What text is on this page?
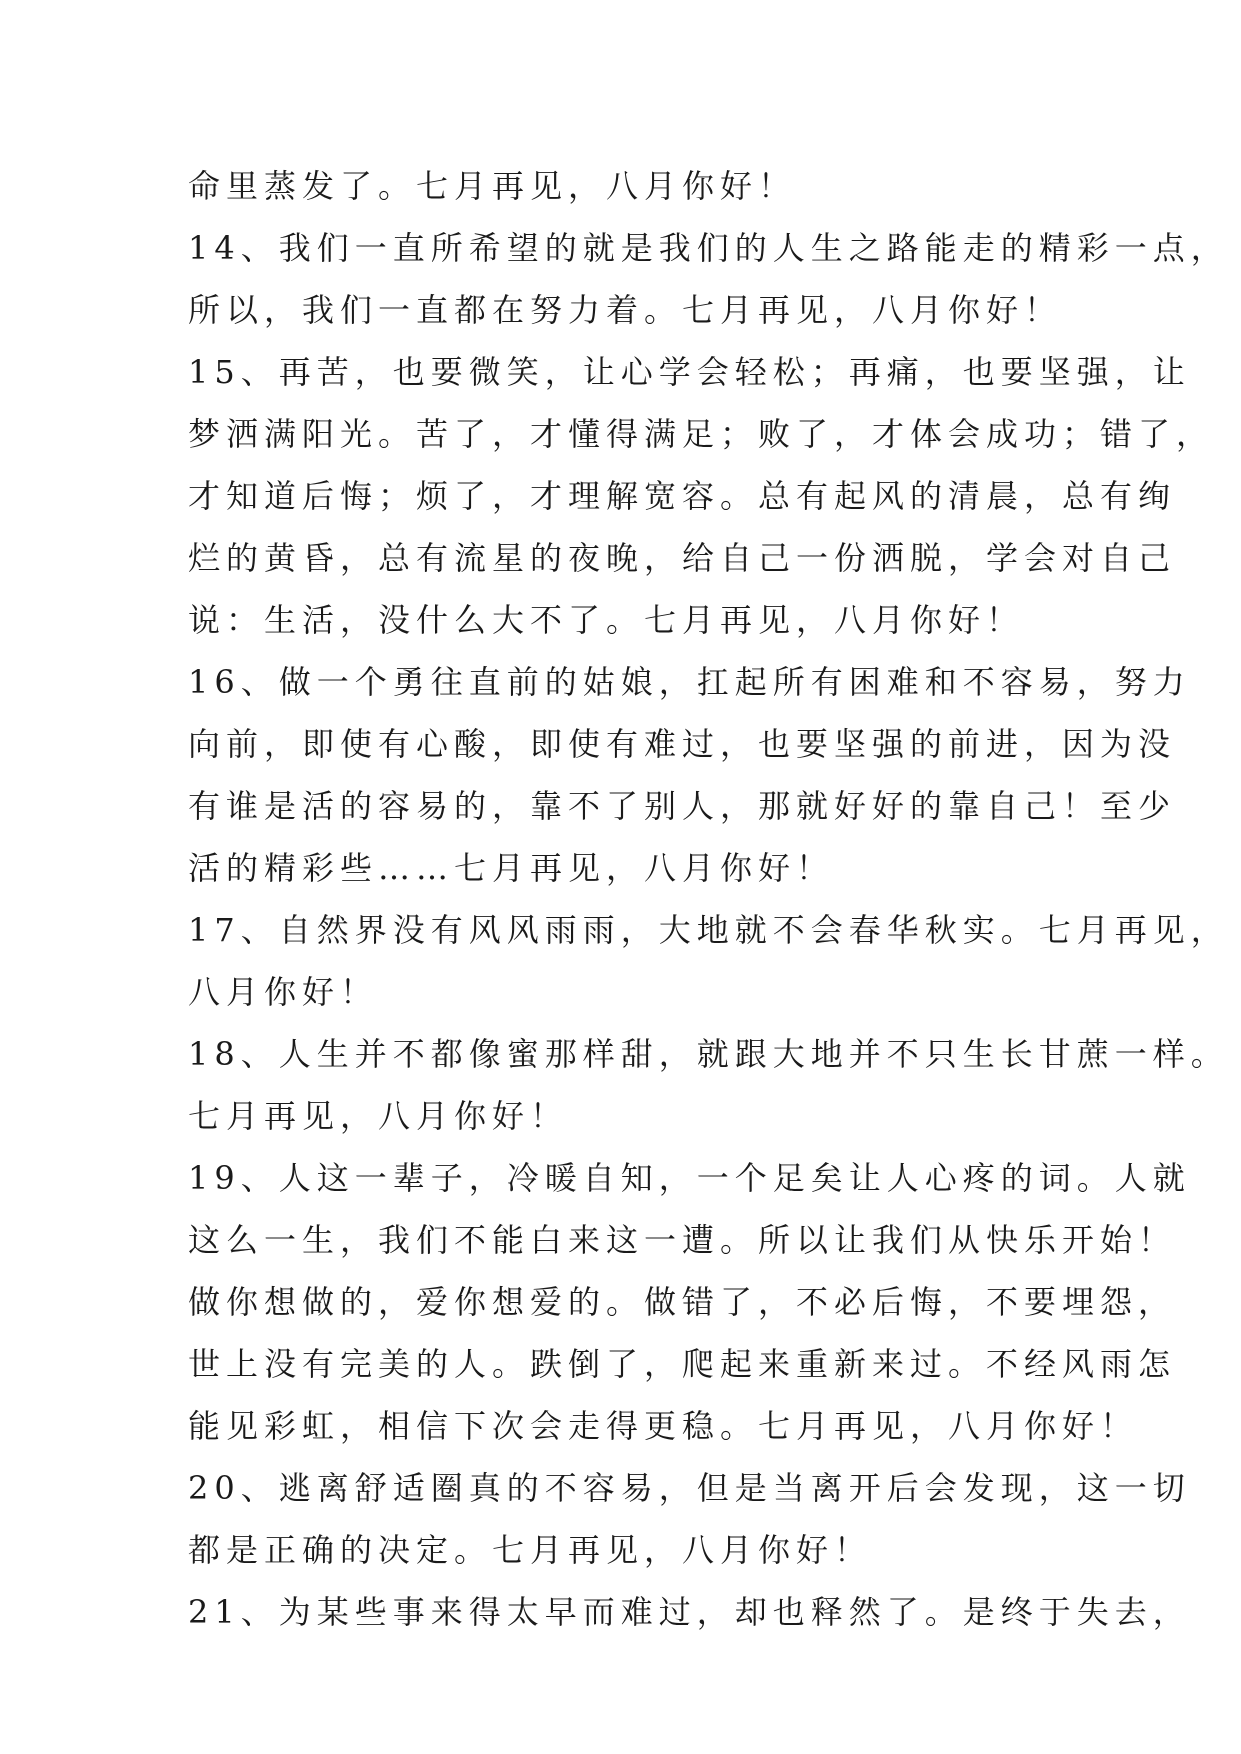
命里蒸发了。七月再见，八月你好！
14、我们一直所希望的就是我们的人生之路能走的精彩一点，
所以，我们一直都在努力着。七月再见，八月你好！
15、再苦，也要微笑，让心学会轻松；再痛，也要坚强，让
梦洒满阳光。苦了，才懂得满足；败了，才体会成功；错了，
才知道后悔；烦了，才理解宽容。总有起风的清晨，总有绚
烂的黄昏，总有流星的夜晚，给自己一份洒脱，学会对自己
说：生活，没什么大不了。七月再见，八月你好！
16、做一个勇往直前的姑娘，扛起所有困难和不容易，努力
向前，即使有心酸，即使有难过，也要坚强的前进，因为没
有谁是活的容易的，靠不了别人，那就好好的靠自己！至少
活的精彩些……七月再见，八月你好！
17、自然界没有风风雨雨，大地就不会春华秋实。七月再见，
八月你好！
18、人生并不都像蜜那样甜，就跟大地并不只生长甘蔗一样。
七月再见，八月你好！
19、人这一辈子，冷暖自知，一个足矣让人心疼的词。人就
这么一生，我们不能白来这一遭。所以让我们从快乐开始！
做你想做的，爱你想爱的。做错了，不必后悔，不要埋怨，
世上没有完美的人。跌倒了，爬起来重新来过。不经风雨怎
能见彩虹，相信下次会走得更稳。七月再见，八月你好！
20、逃离舒适圈真的不容易，但是当离开后会发现，这一切
都是正确的决定。七月再见，八月你好！
21、为某些事来得太早而难过，却也释然了。是终于失去，
